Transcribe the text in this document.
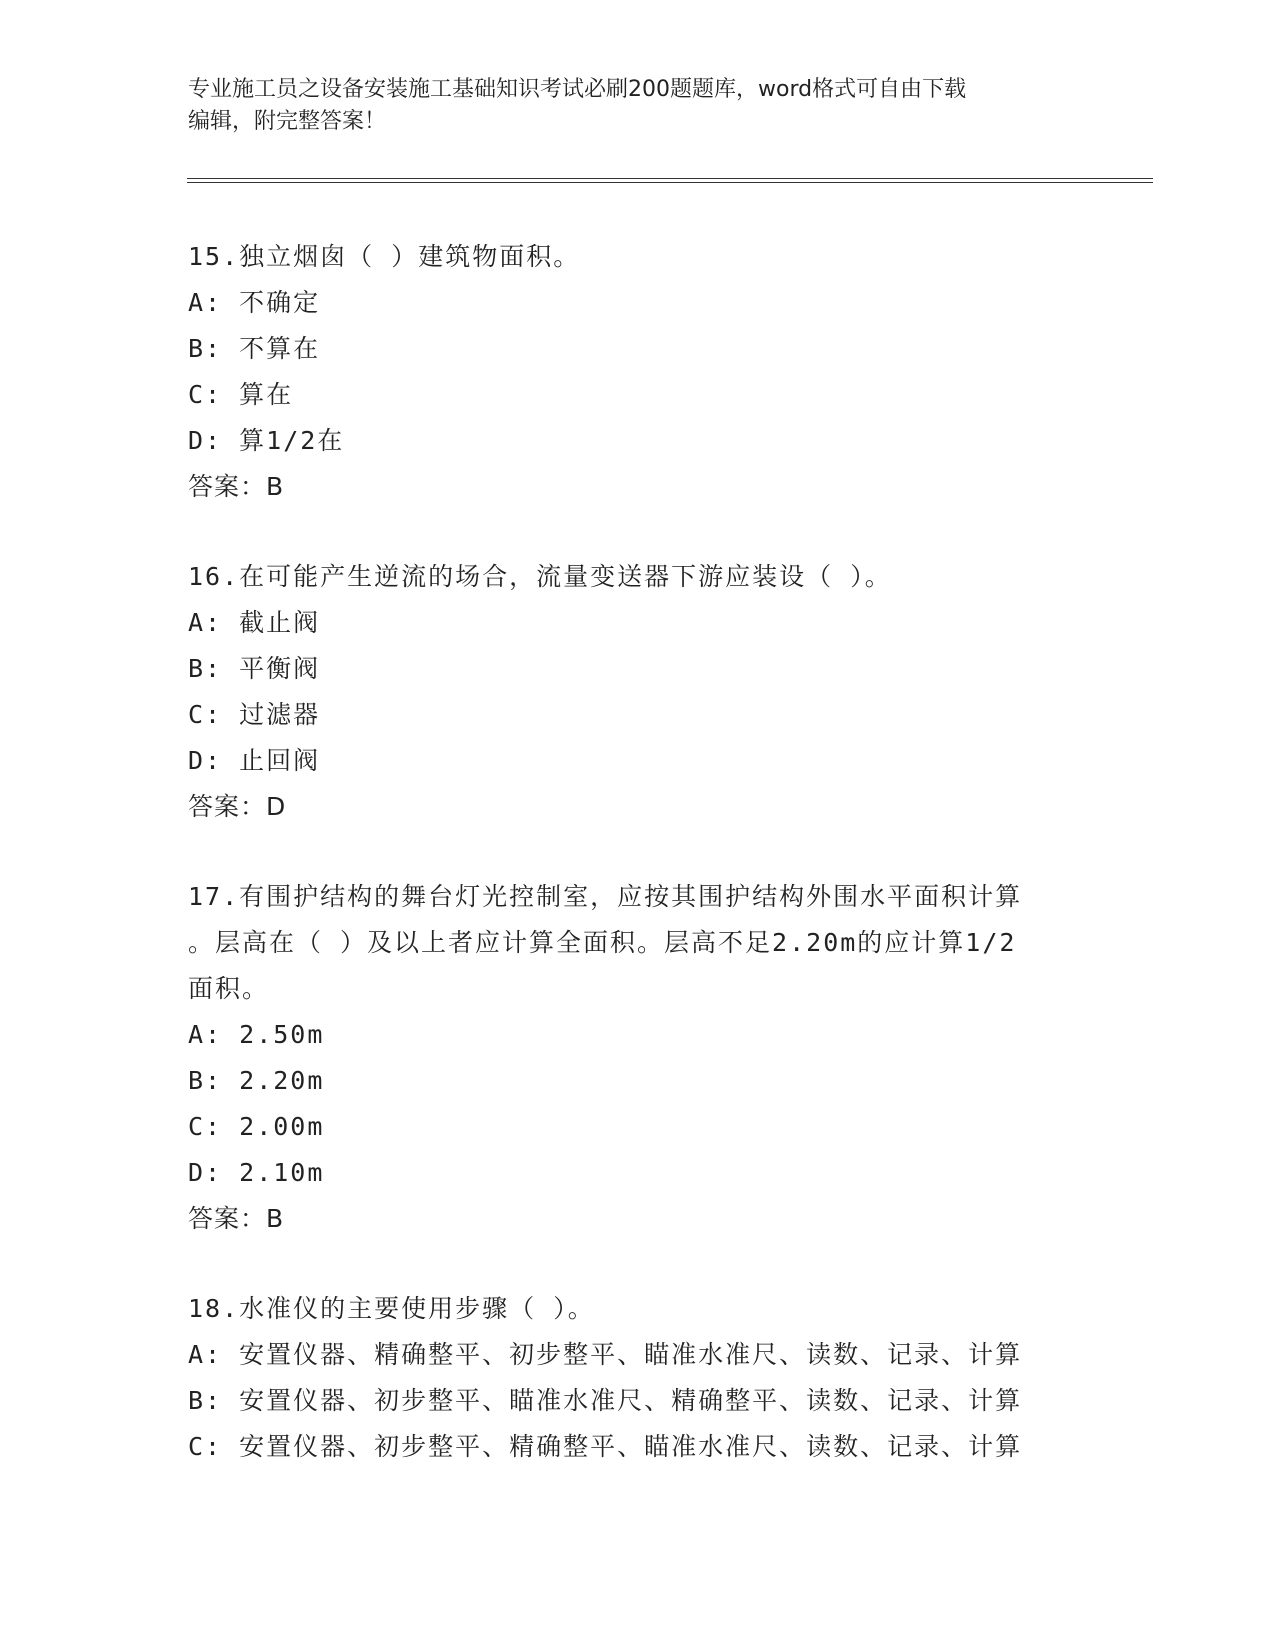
专业施工员之设备安装施工基础知识考试必刷200题题库，word格式可自由下载
编辑，附完整答案！
15.独立烟囱（ ）建筑物面积。
A: 不确定
B: 不算在
C: 算在
D: 算1/2在
答案：B
16.在可能产生逆流的场合，流量变送器下游应装设（ ）。
A: 截止阀
B: 平衡阀
C: 过滤器
D: 止回阀
答案：D
17.有围护结构的舞台灯光控制室，应按其围护结构外围水平面积计算
。层高在（ ）及以上者应计算全面积。层高不足2.20m的应计算1/2
面积。
A: 2.50m
B: 2.20m
C: 2.00m
D: 2.10m
答案：B
18.水准仪的主要使用步骤（ ）。
A: 安置仪器、精确整平、初步整平、瞄准水准尺、读数、记录、计算
B: 安置仪器、初步整平、瞄准水准尺、精确整平、读数、记录、计算
C: 安置仪器、初步整平、精确整平、瞄准水准尺、读数、记录、计算
